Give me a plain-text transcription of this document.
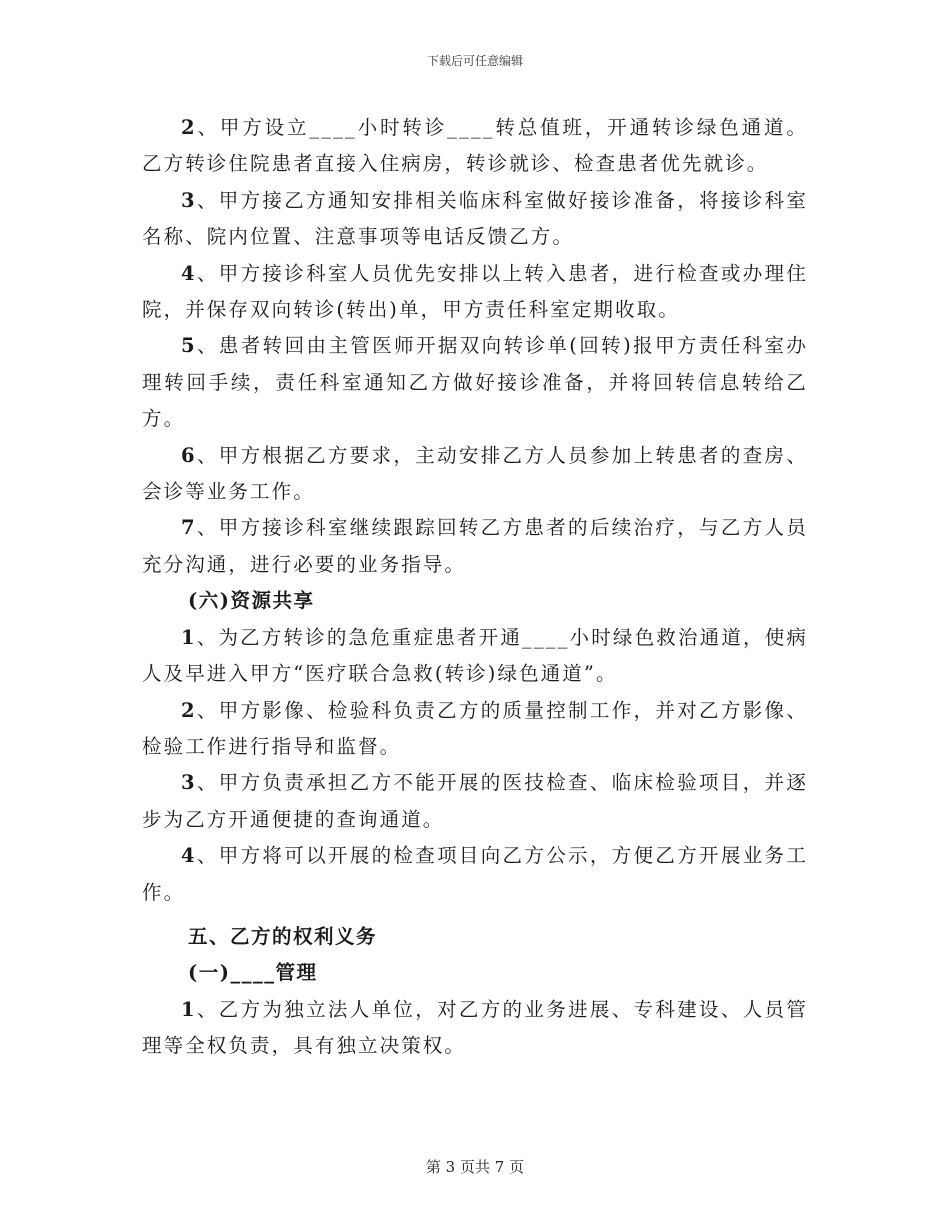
下载后可任意编辑

2、甲方设立____小时转诊____转总值班，开通转诊绿色通道。乙方转诊住院患者直接入住病房，转诊就诊、检查患者优先就诊。

3、甲方接乙方通知安排相关临床科室做好接诊准备，将接诊科室名称、院内位置、注意事项等电话反馈乙方。

4、甲方接诊科室人员优先安排以上转入患者，进行检查或办理住院，并保存双向转诊(转出)单，甲方责任科室定期收取。

5、患者转回由主管医师开据双向转诊单(回转)报甲方责任科室办理转回手续，责任科室通知乙方做好接诊准备，并将回转信息转给乙方。

6、甲方根据乙方要求，主动安排乙方人员参加上转患者的查房、会诊等业务工作。

7、甲方接诊科室继续跟踪回转乙方患者的后续治疗，与乙方人员充分沟通，进行必要的业务指导。

(六)资源共享

1、为乙方转诊的急危重症患者开通____小时绿色救治通道，使病人及早进入甲方“医疗联合急救(转诊)绿色通道”。

2、甲方影像、检验科负责乙方的质量控制工作，并对乙方影像、检验工作进行指导和监督。

3、甲方负责承担乙方不能开展的医技检查、临床检验项目，并逐步为乙方开通便捷的查询通道。

4、甲方将可以开展的检查项目向乙方公示，方便乙方开展业务工作。

五、乙方的权利义务

(一)____管理

1、乙方为独立法人单位，对乙方的业务进展、专科建设、人员管理等全权负责，具有独立决策权。

第 3 页共 7 页
